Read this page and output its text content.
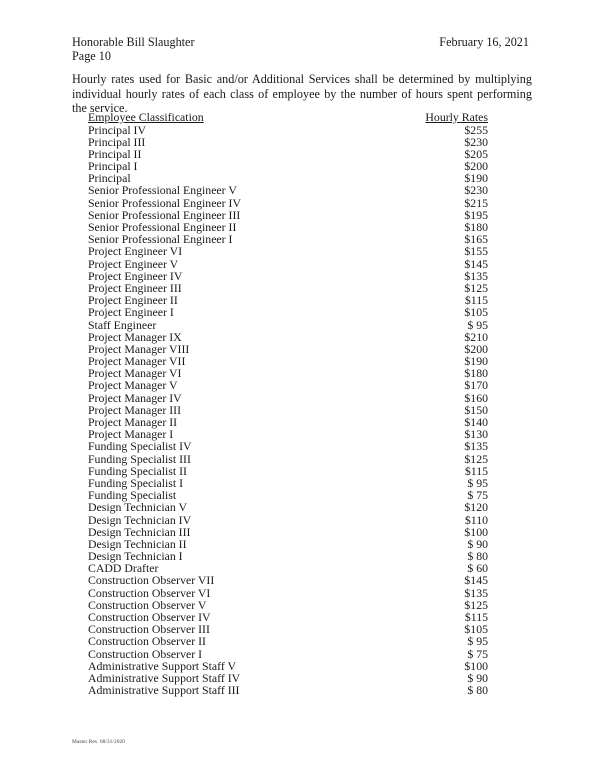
Honorable Bill Slaughter
Page 10
February 16, 2021
Hourly rates used for Basic and/or Additional Services shall be determined by multiplying individual hourly rates of each class of employee by the number of hours spent performing the service.
Employee Classification	Hourly Rates
Principal IV	$255
Principal III	$230
Principal II	$205
Principal I	$200
Principal	$190
Senior Professional Engineer V	$230
Senior Professional Engineer IV	$215
Senior Professional Engineer III	$195
Senior Professional Engineer II	$180
Senior Professional Engineer I	$165
Project Engineer VI	$155
Project Engineer V	$145
Project Engineer IV	$135
Project Engineer III	$125
Project Engineer II	$115
Project Engineer I	$105
Staff Engineer	$ 95
Project Manager IX	$210
Project Manager VIII	$200
Project Manager VII	$190
Project Manager VI	$180
Project Manager V	$170
Project Manager IV	$160
Project Manager III	$150
Project Manager II	$140
Project Manager I	$130
Funding Specialist IV	$135
Funding Specialist III	$125
Funding Specialist II	$115
Funding Specialist I	$ 95
Funding Specialist	$ 75
Design Technician V	$120
Design Technician IV	$110
Design Technician III	$100
Design Technician II	$ 90
Design Technician I	$ 80
CADD Drafter	$ 60
Construction Observer VII	$145
Construction Observer VI	$135
Construction Observer V	$125
Construction Observer IV	$115
Construction Observer III	$105
Construction Observer II	$ 95
Construction Observer I	$ 75
Administrative Support Staff V	$100
Administrative Support Staff IV	$ 90
Administrative Support Staff III	$ 80
Master Rev. 08/31/2020
